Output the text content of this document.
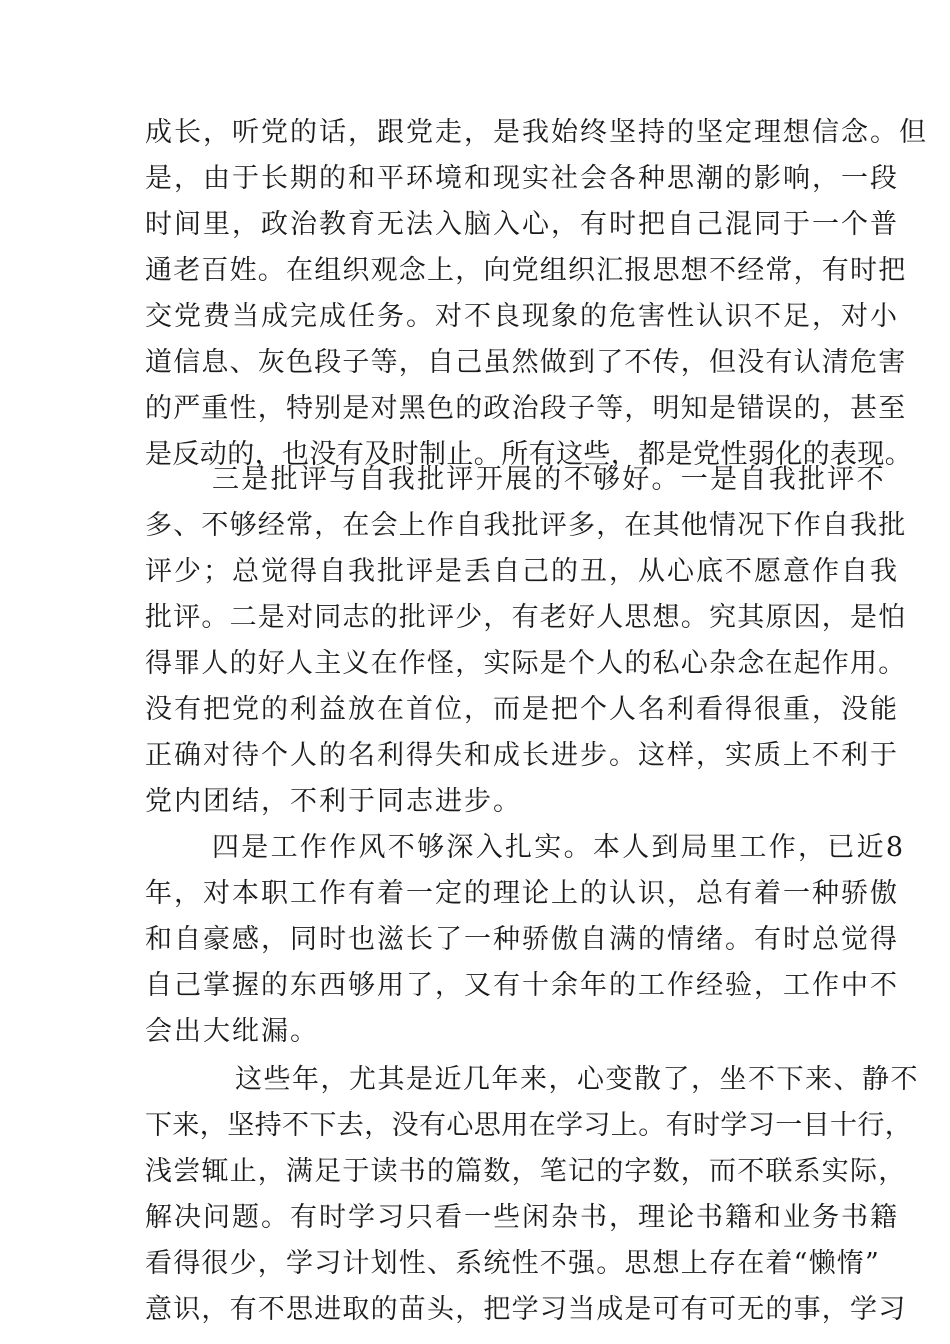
成长，听党的话，跟党走，是我始终坚持的坚定理想信念。但

是，由于长期的和平环境和现实社会各种思潮的影响，一段

时间里，政治教育无法入脑入心，有时把自己混同于一个普

通老百姓。在组织观念上，向党组织汇报思想不经常，有时把

交党费当成完成任务。对不良现象的危害性认识不足，对小

道信息、灰色段子等，自己虽然做到了不传，但没有认清危害

的严重性，特别是对黑色的政治段子等，明知是错误的，甚至

是反动的，也没有及时制止。所有这些，都是党性弱化的表现。

三是批评与自我批评开展的不够好。一是自我批评不

多、不够经常，在会上作自我批评多，在其他情况下作自我批

评少；总觉得自我批评是丢自己的丑，从心底不愿意作自我

批评。二是对同志的批评少，有老好人思想。究其原因，是怕

得罪人的好人主义在作怪，实际是个人的私心杂念在起作用。

没有把党的利益放在首位，而是把个人名利看得很重，没能

正确对待个人的名利得失和成长进步。这样，实质上不利于

党内团结，不利于同志进步。

四是工作作风不够深入扎实。本人到局里工作，已近8

年，对本职工作有着一定的理论上的认识，总有着一种骄傲

和自豪感，同时也滋长了一种骄傲自满的情绪。有时总觉得

自己掌握的东西够用了，又有十余年的工作经验，工作中不

会出大纰漏。

这些年，尤其是近几年来，心变散了，坐不下来、静不

下来，坚持不下去，没有心思用在学习上。有时学习一目十行，

浅尝辄止，满足于读书的篇数，笔记的字数，而不联系实际，

解决问题。有时学习只看一些闲杂书，理论书籍和业务书籍

看得很少，学习计划性、系统性不强。思想上存在着“懒惰”

意识，有不思进取的苗头，把学习当成是可有可无的事，学习
